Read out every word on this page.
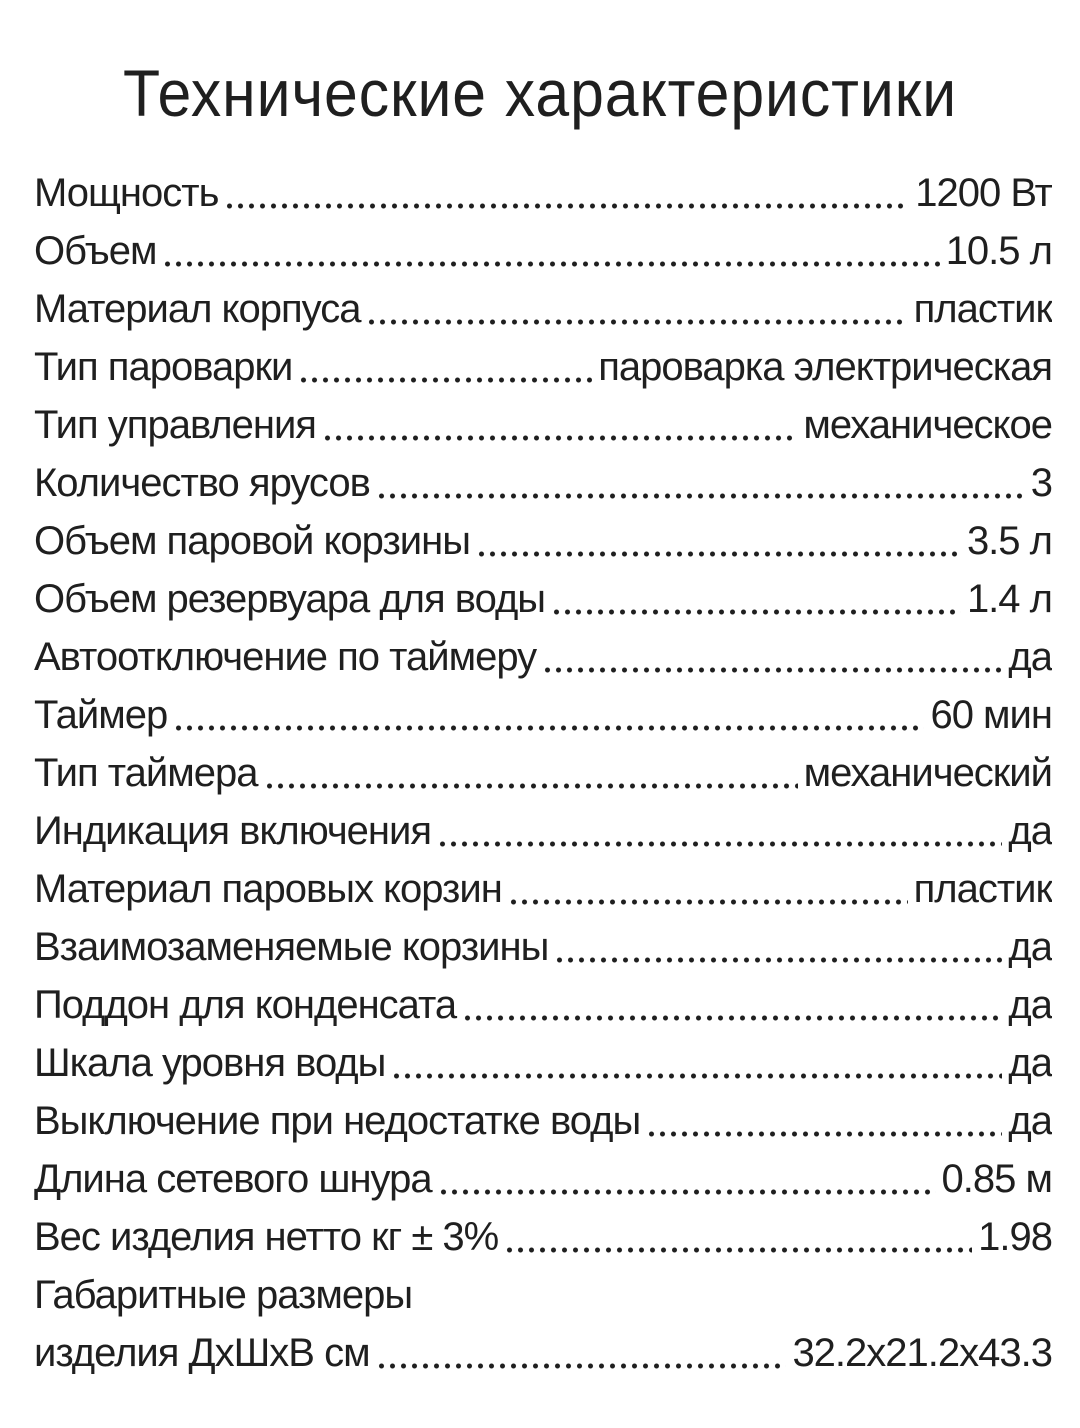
Технические характеристики
Мощность	1200 Вт
Объем	10.5 л
Материал корпуса	пластик
Тип пароварки	пароварка электрическая
Тип управления	механическое
Количество ярусов	3
Объем паровой корзины	3.5 л
Объем резервуара для воды	1.4 л
Автоотключение по таймеру	да
Таймер	60 мин
Тип таймера	механический
Индикация включения	да
Материал паровых корзин	пластик
Взаимозаменяемые корзины	да
Поддон для конденсата	да
Шкала уровня воды	да
Выключение при недостатке воды	да
Длина сетевого шнура	0.85 м
Вес изделия нетто кг ± 3%	1.98
Габаритные размеры
изделия ДхШхВ см	32.2x21.2x43.3
